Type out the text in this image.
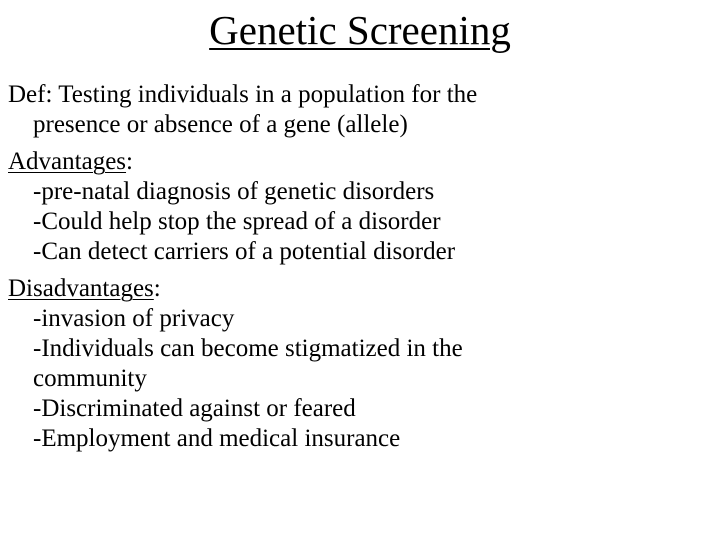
Genetic Screening

Def: Testing individuals in a population for the

presence or absence of a gene (allele)

Advantages:

-pre-natal diagnosis of genetic disorders

-Could help stop the spread of a disorder

-Can detect carriers of a potential disorder

Disadvantages:

-invasion of privacy

-Individuals can become stigmatized in the

community

-Discriminated against or feared

-Employment and medical insurance
